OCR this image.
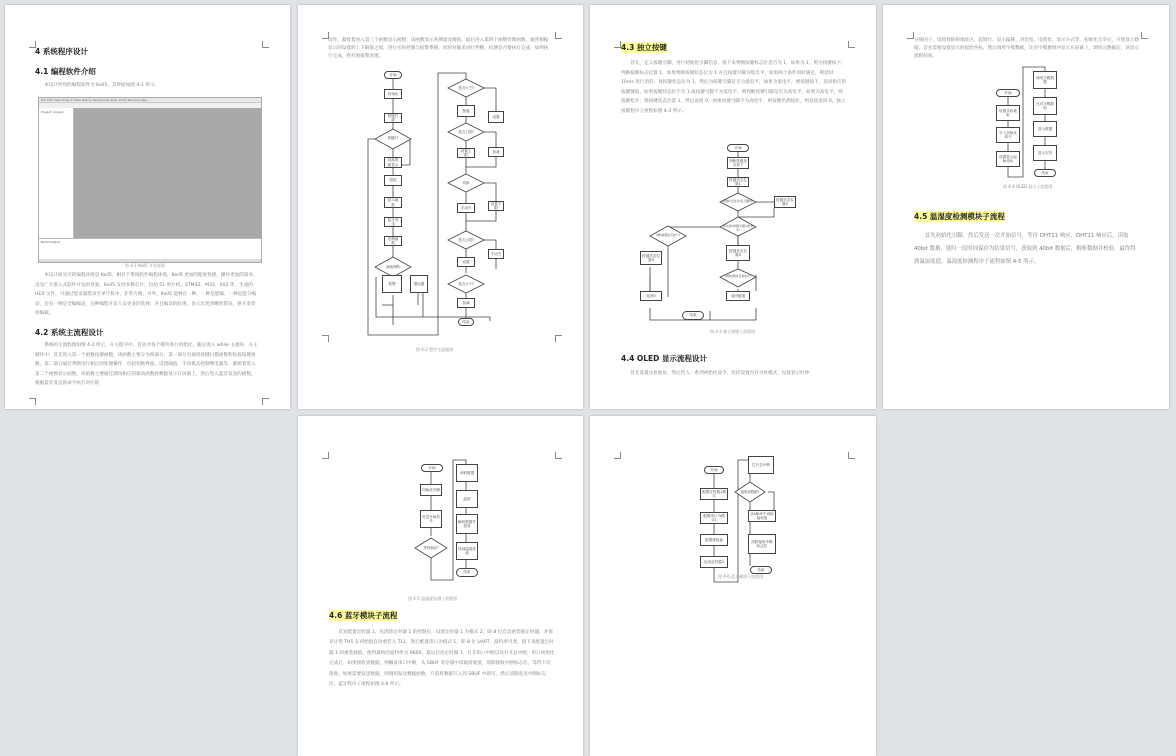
4 系统程序设计
4.1 编程软件介绍

本设计所用的编程软件为 Keil5，其界面如图 4-1 所示。

File Edit View Project Flash Debug Peripherals Tools SVCS Window Help
Project: project
Build Output
图 4-1 Keil5 开发界面

本设计研究可的编程环境是 Keil5，相对于系统软件编程环境，Keil5 更加的程度快捷，操作更加的简单，没受广大嵌入式软件开发的喜爱。Keil5 支持多种芯片，包括 51 单片机、STM32、M32、X02 等，生成的 HEX 文件，可通过烧录器烧录至单片机中，非常方便。另外，Keil5 能够在一种、一种是能编、一种是能分编语，还有一种是全编编语，这种编程开发人员更多的选择，并且编译的结果，显示出更清晰的错误，供开发者找编辑。

4.2 系统主流程设计

系统的主流程图如图 4-2 所示，在主程序中，首先对各个模块进行初始化，随后进入 while 主循环，在主循环中，首先进入第一个函数按键函数，该函数主要分为两部分，第一部分为通用按键扫描函数和短按按键函数，第二部分通过判断进行相应的处理操作，包括切换界面、设置阈值、手动模式控制继电器等。紧接着进入第二个函数显示函数，该函数主要通过调用相应的驱动函数将数据显示在屏幕上，然后进入蓝牙发送的函数，根据蓝牙发送的命令执行对应的

动作，紧接着进入第三个函数显示函数，该函数显示各测量及阈值，最后进入第四个函数处理函数，通常根据显示的设置的上下限值之间，进行实时控制与报警系统，同时对输采进行判断，检测是否要执行完成，如则执行完成，则开始报警处理。

开始
初始化
按键扫描
按键1?
切换界面显示
短按
显示函数
蓝牙发送
处理函数
阈值判断
报警	继电器
是否大于?
按键
设置
是否上限?
加减
设置上限
切换
设置下限
手动开
是否上限?
手动关
设置
是否大于?
加减
结束
图 4-2 程序主流程图
4.3 独立按键

首先，定义按键引脚，进行初始化引脚信息，接下来判断按键标志位是否为 1，如果为 1，则为按键按下。判断按键标志位置 1，如果判断按键状态位为 1 并且按键引脚为低电平，如果两个条件同时满足，则延时 10ms 进行消抖，再按键状态位为 1，然后为按键引脚是否为低电平，如果为低电平，则按键按下，返回相应的按键键值，如果按键状态位不为 1 或按键引脚不为低电平，则判断按键引脚是否为高电平，如果为高电平，则按键松开，将按键状态位置 1，然后返回 0，如果按键引脚不为高电平，则按键仍然按住，则直接返回 0。独立按键程序子流程如图 4-3 所示。

开始
判断按键是否按下
按键状态位置1
按键状态位为1且引脚低?	按键状态位置0
延时消抖判断引脚为低电平?
判断按键是否按下?
按键状态位置0
按键状态位置0
判断按键是否高电平?
返回0	返回键值
结束
图 4-3 独立按键子流程图
4.4 OLED 显示流程设计

首先设置从机地址，然后传入一系列初始化命令，包括设置内存寻址模式，设置显示时钟

分频因子，设置预除频地址区、起始行、显示偏移、对比度、电荷泵、显示方式等，初始化完毕后，开始显示数据，首先需要设置显示的起始坐标，然后调用字模数据，比对字模数组并显示在屏幕上，调用完数据后，该显示流程结束。

开始
设置从机地址
写入初始化命令
设置显示起始坐标
调用字模数据
比对字模数组
显示数据
显示字符
结束
图 4-4 OLED 显示子流程图
4.5 温湿度检测模块子流程

首先初始化引脚，然后发送一次开始信号，等待 DHT11 响应，DHT11 响应后，读取 40bit 数据，延时一段时间保存为结果信号，获取到 40bit 数据后，解析数据并校验，最终得到温湿度值。温湿度检测程序子流程如图 4-5 所示。

开始
初始化引脚
发送开始信号
等待响应?
读取数据
温度
解析数据并校验
得到温湿度值
结束
图 4-5 温湿度检测子流程图
4.6 蓝牙模块子流程

首先配置定时器 1，先清除定时器 1 的控制位，设置定时器 1 为模式 2，即 8 位自动重装载定时器，并保存计得 TH1 在初始值自动重装入 TL1，然后配置串口为模式 1，即 8 位 UART，波特率可变，接下来配置定时器 1 的重装载值，使得最终的波特率为 9600，最后启动定时器 1，打开串口中断以及打开总中断，串口初始化完成后，如果接收到数据，则触发串口中断，从 SBUF 寄存器中读取接收值，清除接收中断标志位，等待下次接收。如果需要发送数据，则调用发送数据函数，只需将数据写入到 SBUF 中即可，然后清除发送中断标志位，蓝牙程序子流程如图 4-6 所示。

开始
配置定时器1模式
配置串口为模式1
配置重装值
启动定时器1
打开总中断
接收到数据?
从SBUF中读取接收值
清除接收中断标志位
结束
图 4-6 蓝牙模块子流程图
